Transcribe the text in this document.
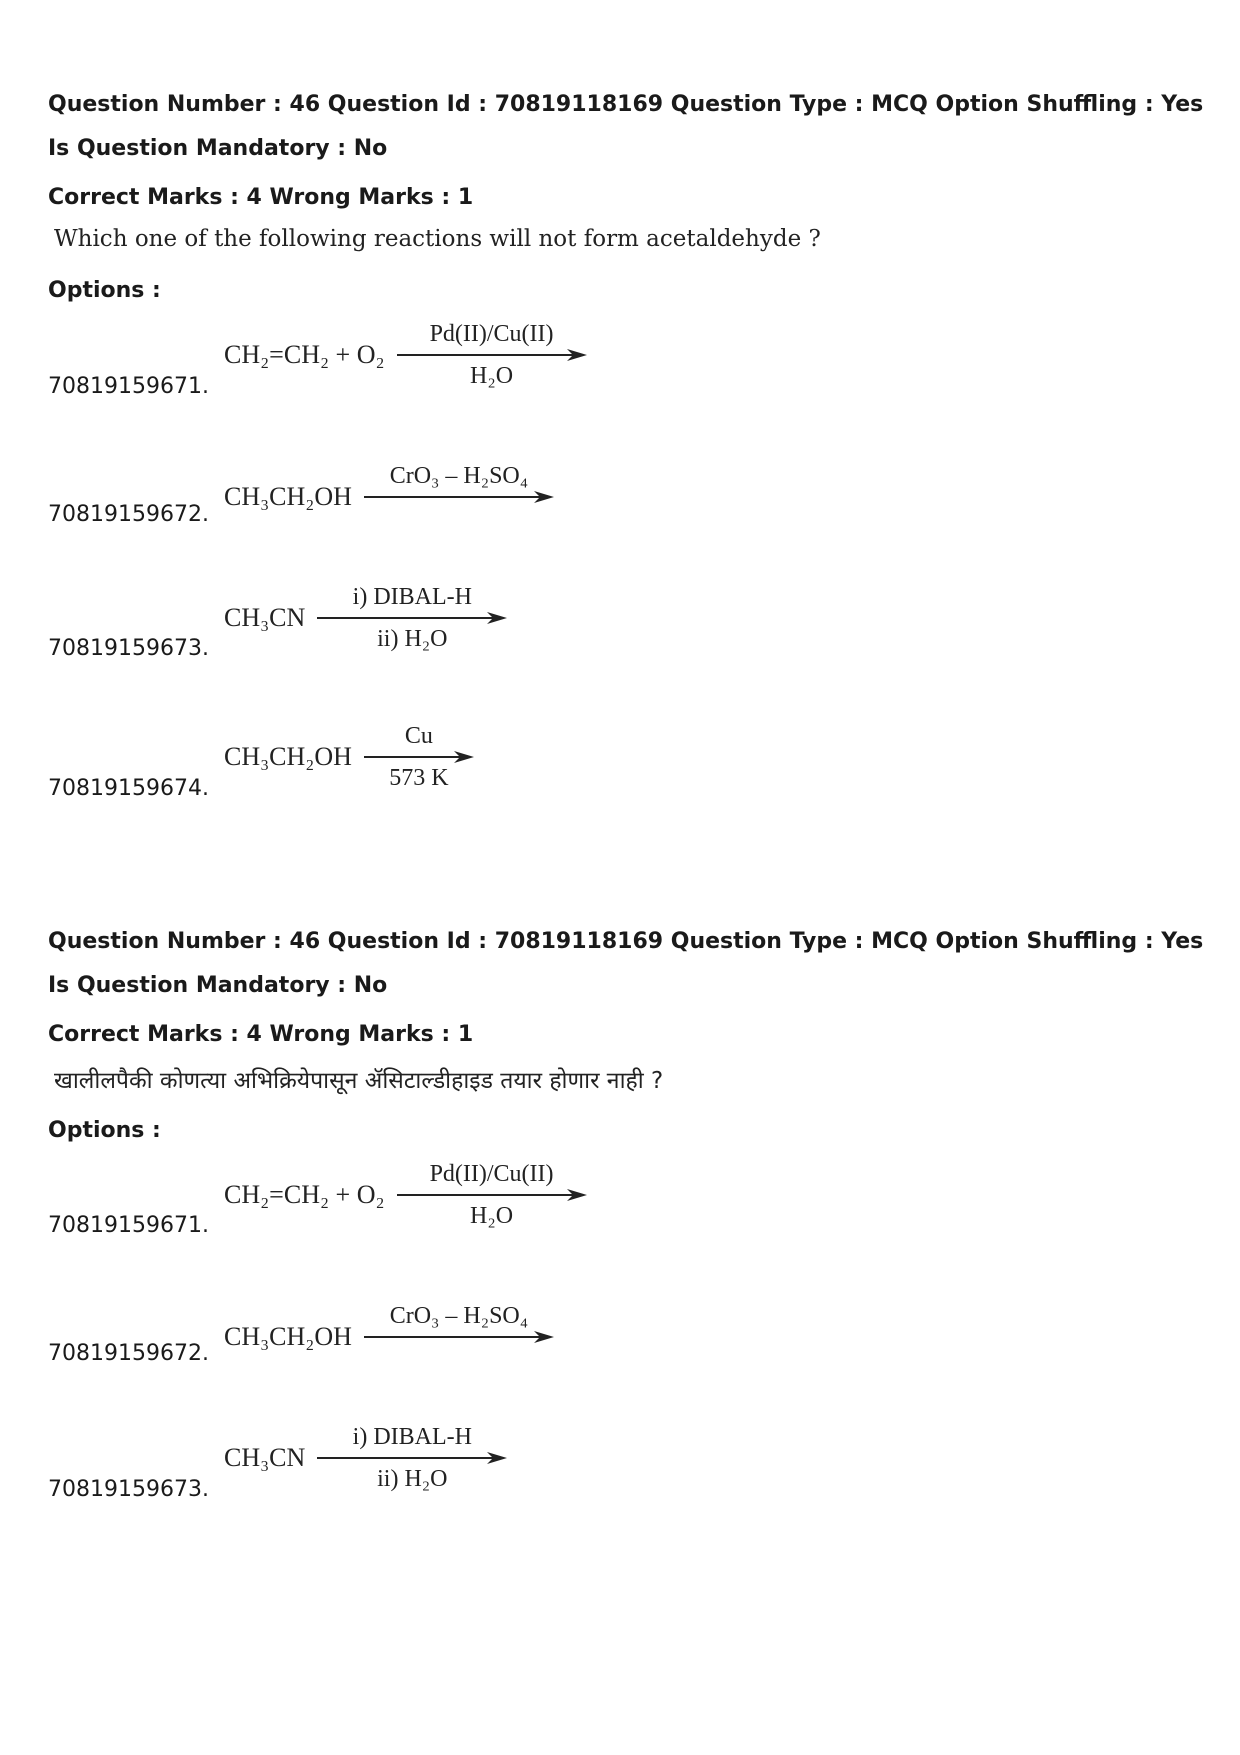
Question Number : 46 Question Id : 70819118169 Question Type : MCQ Option Shuffling : Yes
Is Question Mandatory : No
Correct Marks : 4 Wrong Marks : 1
Which one of the following reactions will not form acetaldehyde ?
Options :
70819159671.
CH₂=CH₂ + O₂
Pd(II)/Cu(II)
H₂O
70819159672.
CH₃CH₂OH
CrO₃ – H₂SO₄
70819159673.
CH₃CN
i) DIBAL-H
ii) H₂O
70819159674.
CH₃CH₂OH
Cu
573 K
Question Number : 46 Question Id : 70819118169 Question Type : MCQ Option Shuffling : Yes
Is Question Mandatory : No
Correct Marks : 4 Wrong Marks : 1
खालीलपैकी कोणत्या अभिक्रियेपासून ॲसिटाल्डीहाइड तयार होणार नाही ?
Options :
70819159671.
CH₂=CH₂ + O₂
Pd(II)/Cu(II)
H₂O
70819159672.
CH₃CH₂OH
CrO₃ – H₂SO₄
70819159673.
CH₃CN
i) DIBAL-H
ii) H₂O
